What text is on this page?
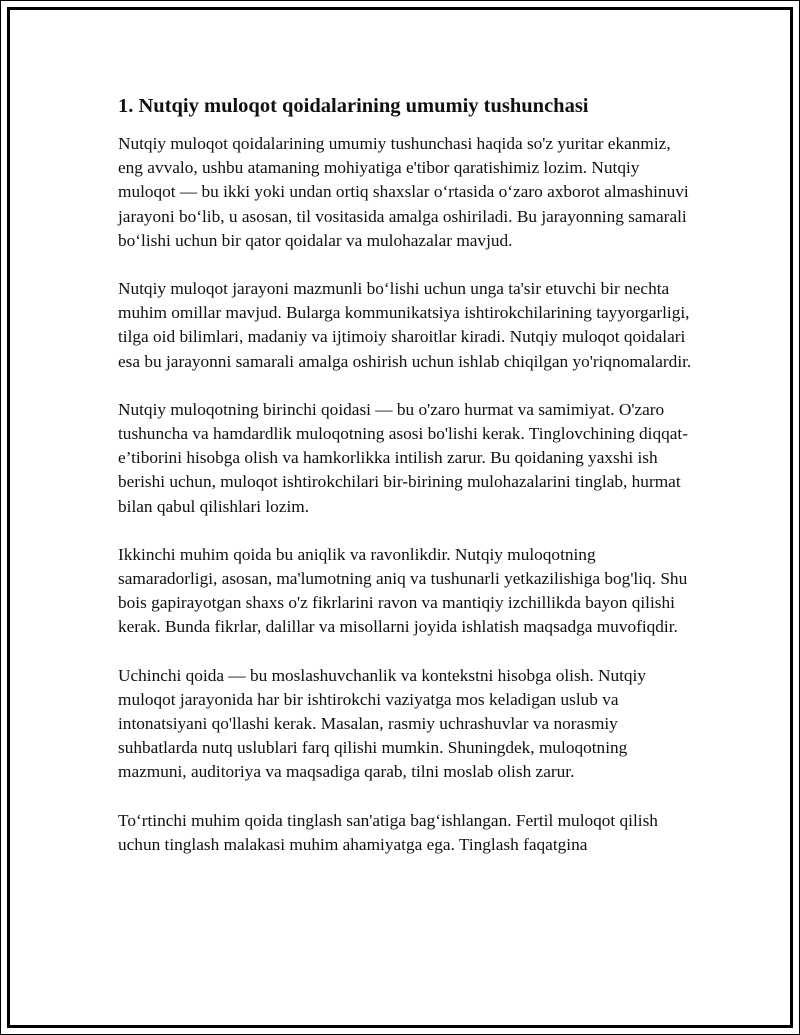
1. Nutqiy muloqot qoidalarining umumiy tushunchasi

Nutqiy muloqot qoidalarining umumiy tushunchasi haqida so'z yuritar ekanmiz, eng avvalo, ushbu atamaning mohiyatiga e'tibor qaratishimiz lozim. Nutqiy muloqot — bu ikki yoki undan ortiq shaxslar o‘rtasida o‘zaro axborot almashinuvi jarayoni bo‘lib, u asosan, til vositasida amalga oshiriladi. Bu jarayonning samarali bo‘lishi uchun bir qator qoidalar va mulohazalar mavjud.

Nutqiy muloqot jarayoni mazmunli bo‘lishi uchun unga ta'sir etuvchi bir nechta muhim omillar mavjud. Bularga kommunikatsiya ishtirokchilarining tayyorgarligi, tilga oid bilimlari, madaniy va ijtimoiy sharoitlar kiradi. Nutqiy muloqot qoidalari esa bu jarayonni samarali amalga oshirish uchun ishlab chiqilgan yo'riqnomalardir.

Nutqiy muloqotning birinchi qoidasi — bu o'zaro hurmat va samimiyat. O'zaro tushuncha va hamdardlik muloqotning asosi bo'lishi kerak. Tinglovchining diqqat-e’tiborini hisobga olish va hamkorlikka intilish zarur. Bu qoidaning yaxshi ish berishi uchun, muloqot ishtirokchilari bir-birining mulohazalarini tinglab, hurmat bilan qabul qilishlari lozim.

Ikkinchi muhim qoida bu aniqlik va ravonlikdir. Nutqiy muloqotning samaradorligi, asosan, ma'lumotning aniq va tushunarli yetkazilishiga bog'liq. Shu bois gapirayotgan shaxs o'z fikrlarini ravon va mantiqiy izchillikda bayon qilishi kerak. Bunda fikrlar, dalillar va misollarni joyida ishlatish maqsadga muvofiqdir.

Uchinchi qoida — bu moslashuvchanlik va kontekstni hisobga olish. Nutqiy muloqot jarayonida har bir ishtirokchi vaziyatga mos keladigan uslub va intonatsiyani qo'llashi kerak. Masalan, rasmiy uchrashuvlar va norasmiy suhbatlarda nutq uslublari farq qilishi mumkin. Shuningdek, muloqotning mazmuni, auditoriya va maqsadiga qarab, tilni moslab olish zarur.

To‘rtinchi muhim qoida tinglash san'atiga bag‘ishlangan. Fertil muloqot qilish uchun tinglash malakasi muhim ahamiyatga ega. Tinglash faqatgina
